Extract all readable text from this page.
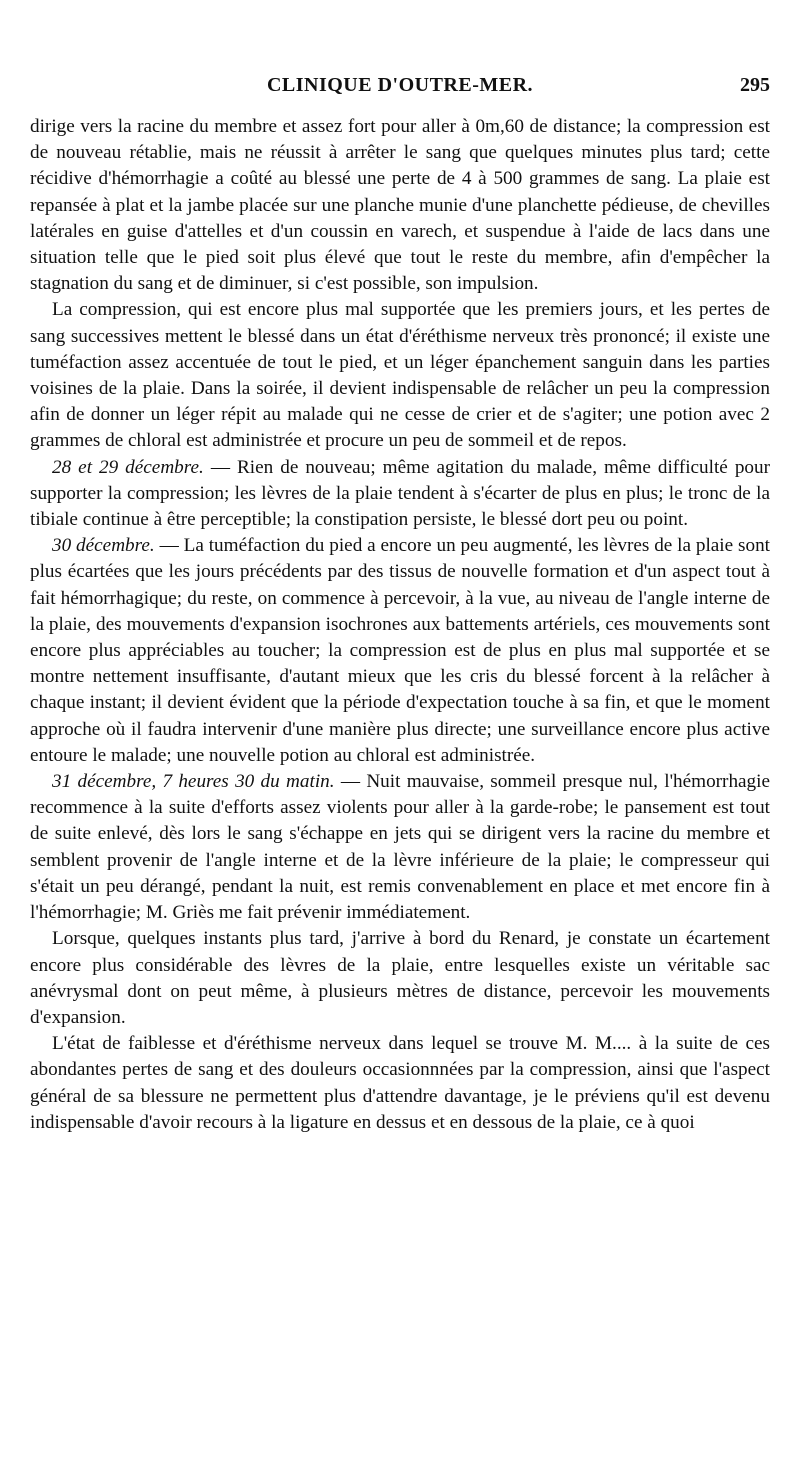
CLINIQUE D'OUTRE-MER.	295

dirige vers la racine du membre et assez fort pour aller à 0m,60 de distance; la compression est de nouveau rétablie, mais ne réussit à arrêter le sang que quelques minutes plus tard; cette récidive d'hémorrhagie a coûté au blessé une perte de 4 à 500 grammes de sang. La plaie est repansée à plat et la jambe placée sur une planche munie d'une planchette pédieuse, de chevilles latérales en guise d'attelles et d'un coussin en varech, et suspendue à l'aide de lacs dans une situation telle que le pied soit plus élevé que tout le reste du membre, afin d'empêcher la stagnation du sang et de diminuer, si c'est possible, son impulsion.

La compression, qui est encore plus mal supportée que les premiers jours, et les pertes de sang successives mettent le blessé dans un état d'éréthisme nerveux très prononcé; il existe une tuméfaction assez accentuée de tout le pied, et un léger épanchement sanguin dans les parties voisines de la plaie. Dans la soirée, il devient indispensable de relâcher un peu la compression afin de donner un léger répit au malade qui ne cesse de crier et de s'agiter; une potion avec 2 grammes de chloral est administrée et procure un peu de sommeil et de repos.

28 et 29 décembre. — Rien de nouveau; même agitation du malade, même difficulté pour supporter la compression; les lèvres de la plaie tendent à s'écarter de plus en plus; le tronc de la tibiale continue à être perceptible; la constipation persiste, le blessé dort peu ou point.

30 décembre. — La tuméfaction du pied a encore un peu augmenté, les lèvres de la plaie sont plus écartées que les jours précédents par des tissus de nouvelle formation et d'un aspect tout à fait hémorrhagique; du reste, on commence à percevoir, à la vue, au niveau de l'angle interne de la plaie, des mouvements d'expansion isochrones aux battements artériels, ces mouvements sont encore plus appréciables au toucher; la compression est de plus en plus mal supportée et se montre nettement insuffisante, d'autant mieux que les cris du blessé forcent à la relâcher à chaque instant; il devient évident que la période d'expectation touche à sa fin, et que le moment approche où il faudra intervenir d'une manière plus directe; une surveillance encore plus active entoure le malade; une nouvelle potion au chloral est administrée.

31 décembre, 7 heures 30 du matin. — Nuit mauvaise, sommeil presque nul, l'hémorrhagie recommence à la suite d'efforts assez violents pour aller à la garde-robe; le pansement est tout de suite enlevé, dès lors le sang s'échappe en jets qui se dirigent vers la racine du membre et semblent provenir de l'angle interne et de la lèvre inférieure de la plaie; le compresseur qui s'était un peu dérangé, pendant la nuit, est remis convenablement en place et met encore fin à l'hémorrhagie; M. Griès me fait prévenir immédiatement.

Lorsque, quelques instants plus tard, j'arrive à bord du Renard, je constate un écartement encore plus considérable des lèvres de la plaie, entre lesquelles existe un véritable sac anévrysmal dont on peut même, à plusieurs mètres de distance, percevoir les mouvements d'expansion.

L'état de faiblesse et d'éréthisme nerveux dans lequel se trouve M. M.... à la suite de ces abondantes pertes de sang et des douleurs occasionnnées par la compression, ainsi que l'aspect général de sa blessure ne permettent plus d'attendre davantage, je le préviens qu'il est devenu indispensable d'avoir recours à la ligature en dessus et en dessous de la plaie, ce à quoi
